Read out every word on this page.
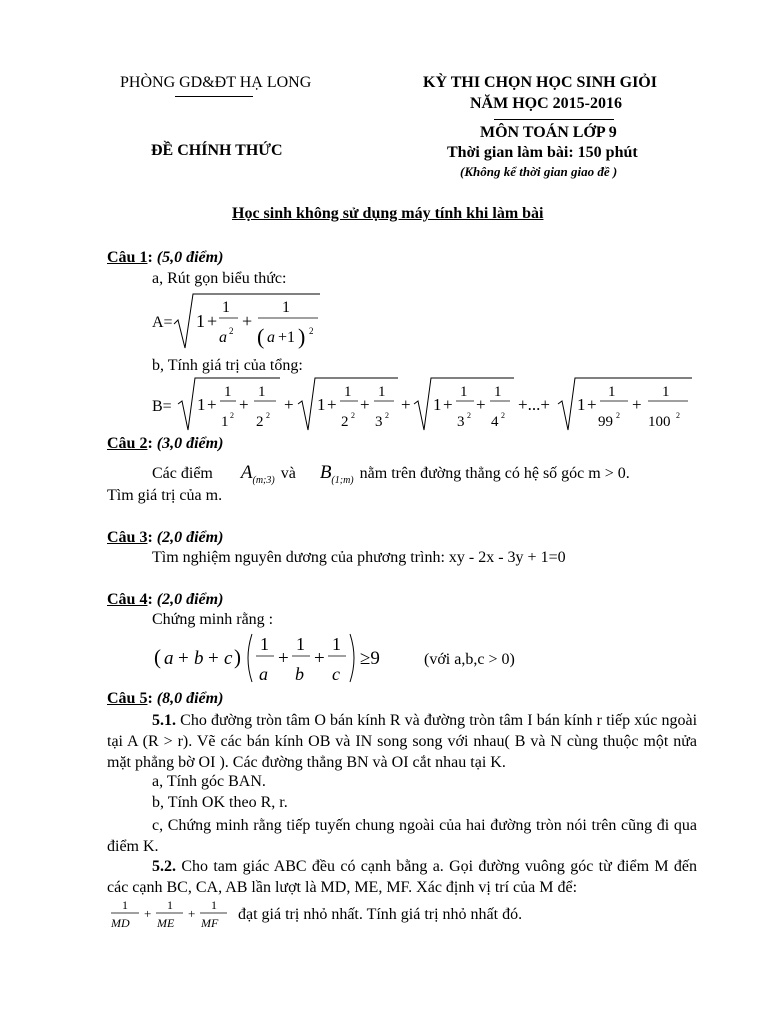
PHÒNG GD&ĐT HẠ LONG	KỲ THI CHỌN HỌC SINH GIỎI
NĂM HỌC 2015-2016
ĐỀ CHÍNH THỨC
MÔN TOÁN LỚP 9
Thời gian làm bài: 150 phút
(Không kể thời gian giao đề )
Học sinh không sử dụng máy tính khi làm bài
Câu 1: (5,0 điểm)
a, Rút gọn biểu thức:
A= 1 +
1
a 2 +
1
( a +1 ) 2
b, Tính giá trị của tổng:
B= 1 +
1
1 2
+
1
2 2
+ 1 +
1
2 2
+
1
3 2
+ 1 +
1
3 2
+
1
4 2
+...+ 1 +
1
99 2
+
1
100 2
Câu 2: (3,0 điểm)
Các điểm $A_{(m;3)}$ và $B_{(1;m)}$ nằm trên đường thẳng có hệ số góc m > 0.
Tìm giá trị của m.
Câu 3: (2,0 điểm)
Tìm nghiệm nguyên dương của phương trình: xy - 2x - 3y + 1=0
Câu 4: (2,0 điểm)
Chứng minh rằng :
( a + b + c )
1
a
+
1
b
+
1
c
≥9	(với a,b,c > 0)
Câu 5: (8,0 điểm)
5.1. Cho đường tròn tâm O bán kính R và đường tròn tâm I bán kính r tiếp xúc ngoài tại A (R > r). Vẽ các bán kính OB và IN song song với nhau( B và N cùng thuộc một nửa mặt phẳng bờ OI ). Các đường thẳng BN và OI cắt nhau tại K.
a, Tính góc BAN.
b, Tính OK theo R, r.
c, Chứng minh rằng tiếp tuyến chung ngoài của hai đường tròn nói trên cũng đi qua điểm K.
5.2. Cho tam giác ABC đều có cạnh bằng a. Gọi đường vuông góc từ điểm M đến các cạnh BC, CA, AB lần lượt là MD, ME, MF. Xác định vị trí của M để:
1
MD
+
1
ME
+
1
MF đạt giá trị nhỏ nhất. Tính giá trị nhỏ nhất đó.
